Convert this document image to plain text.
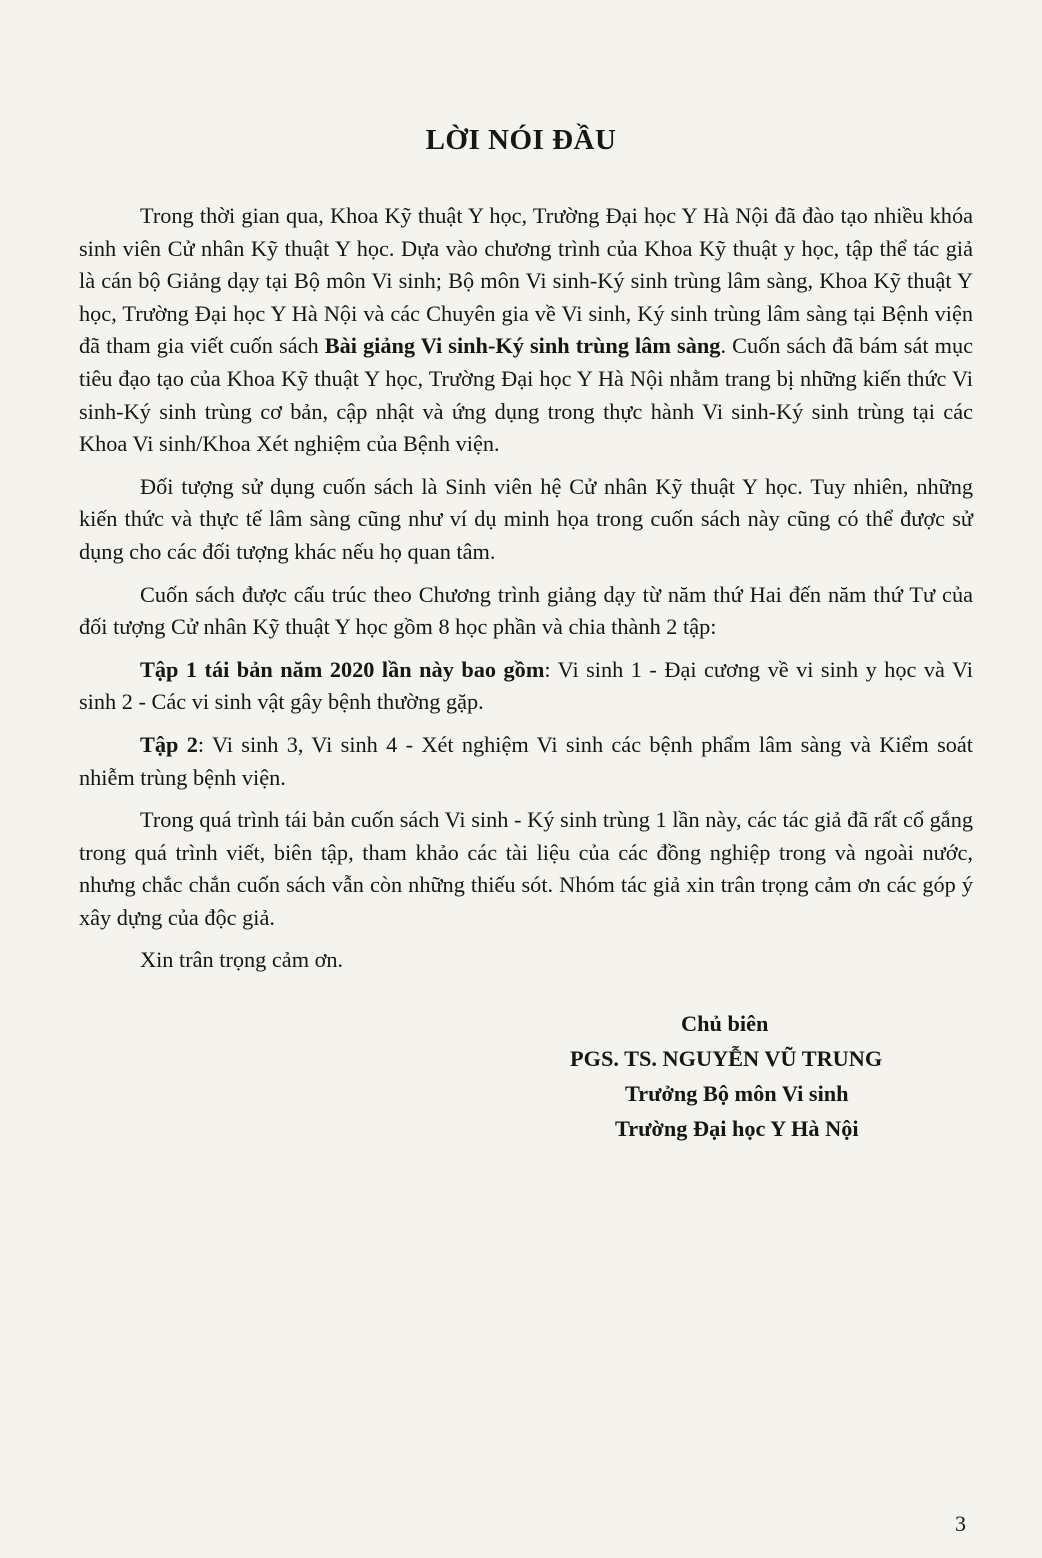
LỜI NÓI ĐẦU

Trong thời gian qua, Khoa Kỹ thuật Y học, Trường Đại học Y Hà Nội đã đào tạo nhiều khóa sinh viên Cử nhân Kỹ thuật Y học. Dựa vào chương trình của Khoa Kỹ thuật y học, tập thể tác giả là cán bộ Giảng dạy tại Bộ môn Vi sinh; Bộ môn Vi sinh-Ký sinh trùng lâm sàng, Khoa Kỹ thuật Y học, Trường Đại học Y Hà Nội và các Chuyên gia về Vi sinh, Ký sinh trùng lâm sàng tại Bệnh viện đã tham gia viết cuốn sách Bài giảng Vi sinh-Ký sinh trùng lâm sàng. Cuốn sách đã bám sát mục tiêu đạo tạo của Khoa Kỹ thuật Y học, Trường Đại học Y Hà Nội nhằm trang bị những kiến thức Vi sinh-Ký sinh trùng cơ bản, cập nhật và ứng dụng trong thực hành Vi sinh-Ký sinh trùng tại các Khoa Vi sinh/Khoa Xét nghiệm của Bệnh viện.

Đối tượng sử dụng cuốn sách là Sinh viên hệ Cử nhân Kỹ thuật Y học. Tuy nhiên, những kiến thức và thực tế lâm sàng cũng như ví dụ minh họa trong cuốn sách này cũng có thể được sử dụng cho các đối tượng khác nếu họ quan tâm.

Cuốn sách được cấu trúc theo Chương trình giảng dạy từ năm thứ Hai đến năm thứ Tư của đối tượng Cử nhân Kỹ thuật Y học gồm 8 học phần và chia thành 2 tập:

Tập 1 tái bản năm 2020 lần này bao gồm: Vi sinh 1 - Đại cương về vi sinh y học và Vi sinh 2 - Các vi sinh vật gây bệnh thường gặp.

Tập 2: Vi sinh 3, Vi sinh 4 - Xét nghiệm Vi sinh các bệnh phẩm lâm sàng và Kiểm soát nhiễm trùng bệnh viện.

Trong quá trình tái bản cuốn sách Vi sinh - Ký sinh trùng 1 lần này, các tác giả đã rất cố gắng trong quá trình viết, biên tập, tham khảo các tài liệu của các đồng nghiệp trong và ngoài nước, nhưng chắc chắn cuốn sách vẫn còn những thiếu sót. Nhóm tác giả xin trân trọng cảm ơn các góp ý xây dựng của độc giả.

Xin trân trọng cảm ơn.

Chủ biên
PGS. TS. NGUYỄN VŨ TRUNG
Trưởng Bộ môn Vi sinh
Trường Đại học Y Hà Nội
3
